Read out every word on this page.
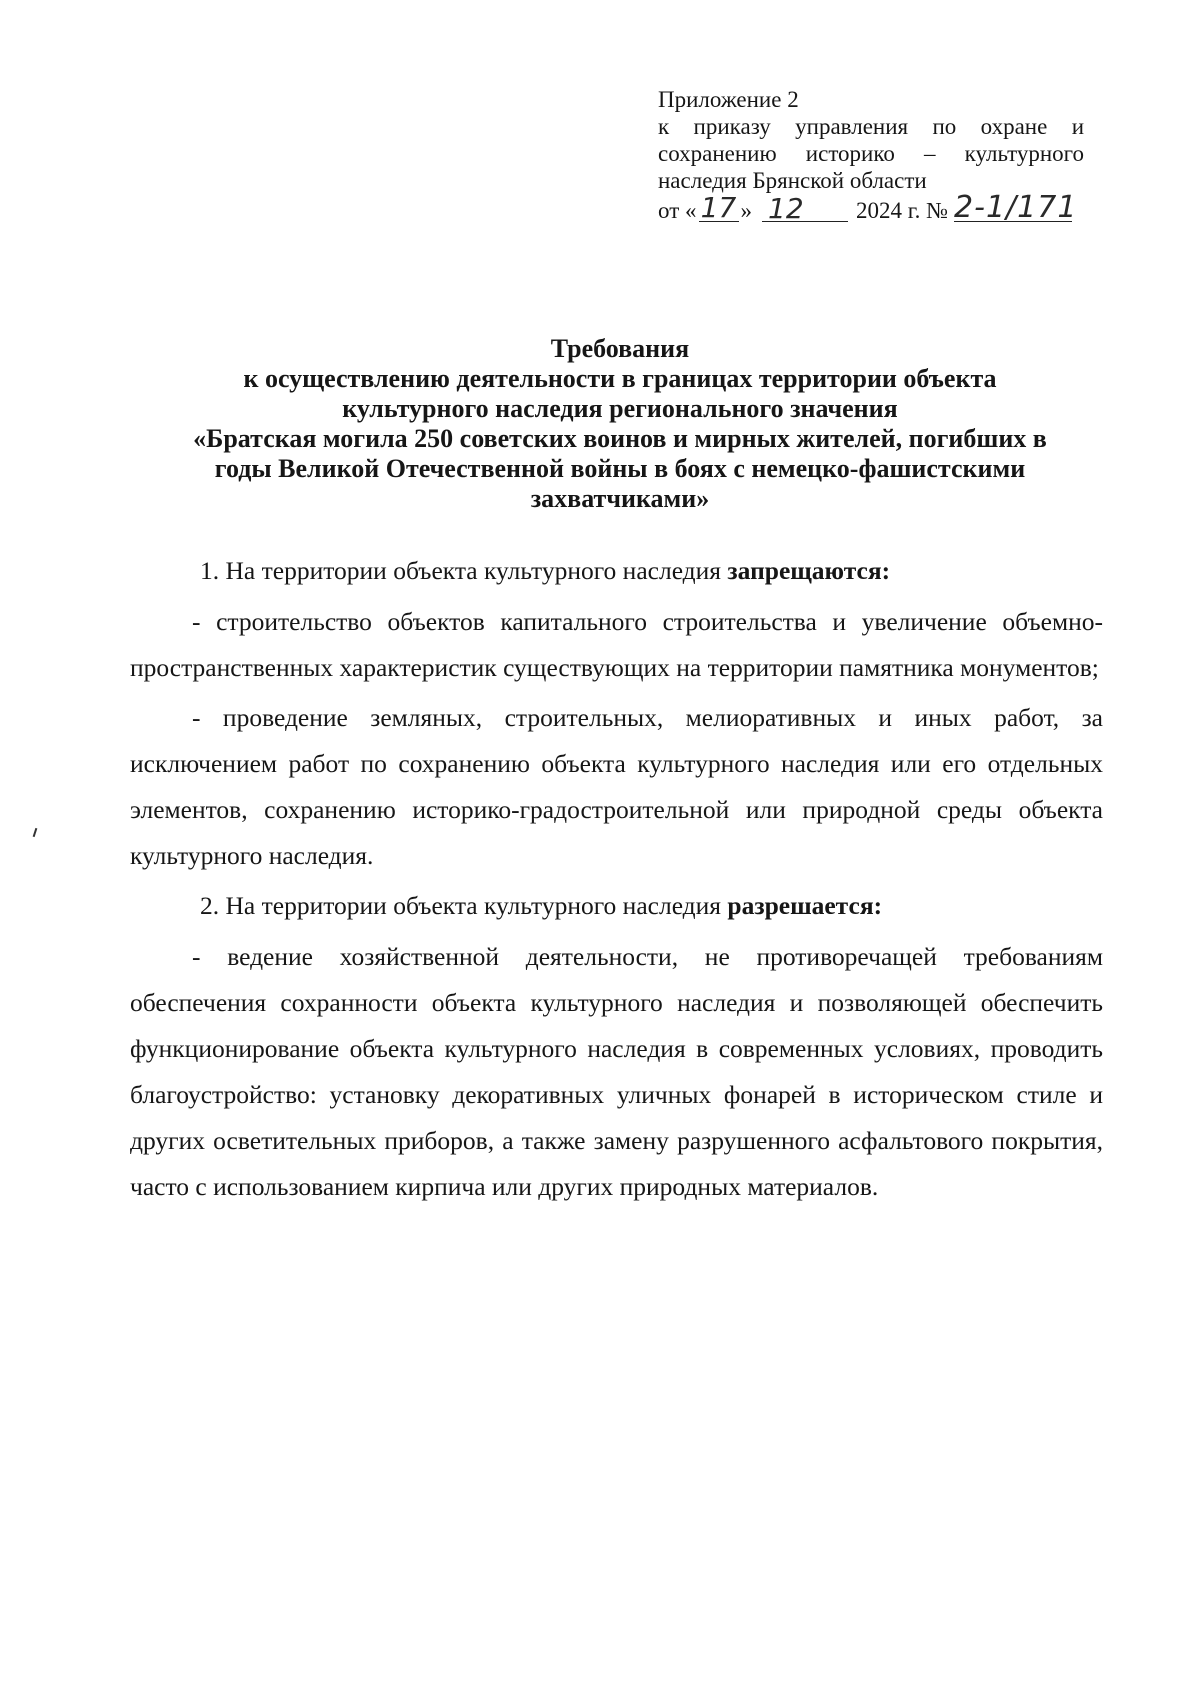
Приложение 2
к приказу управления по охране и
сохранению историко – культурного
наследия Брянской области
от « 17 » 12	2024 г. № 2-1/171
Требования
к осуществлению деятельности в границах территории объекта
культурного наследия регионального значения
«Братская могила 250 советских воинов и мирных жителей, погибших в
годы Великой Отечественной войны в боях с немецко-фашистскими
захватчиками»

1. На территории объекта культурного наследия запрещаются:

- строительство объектов капитального строительства и увеличение объемно-пространственных характеристик существующих на территории памятника монументов;

- проведение земляных, строительных, мелиоративных и иных работ, за исключением работ по сохранению объекта культурного наследия или его отдельных элементов, сохранению историко-градостроительной или природной среды объекта культурного наследия.

2. На территории объекта культурного наследия разрешается:

- ведение хозяйственной деятельности, не противоречащей требованиям обеспечения сохранности объекта культурного наследия и позволяющей обеспечить функционирование объекта культурного наследия в современных условиях, проводить благоустройство: установку декоративных уличных фонарей в историческом стиле и других осветительных приборов, а также замену разрушенного асфальтового покрытия, часто с использованием кирпича или других природных материалов.
